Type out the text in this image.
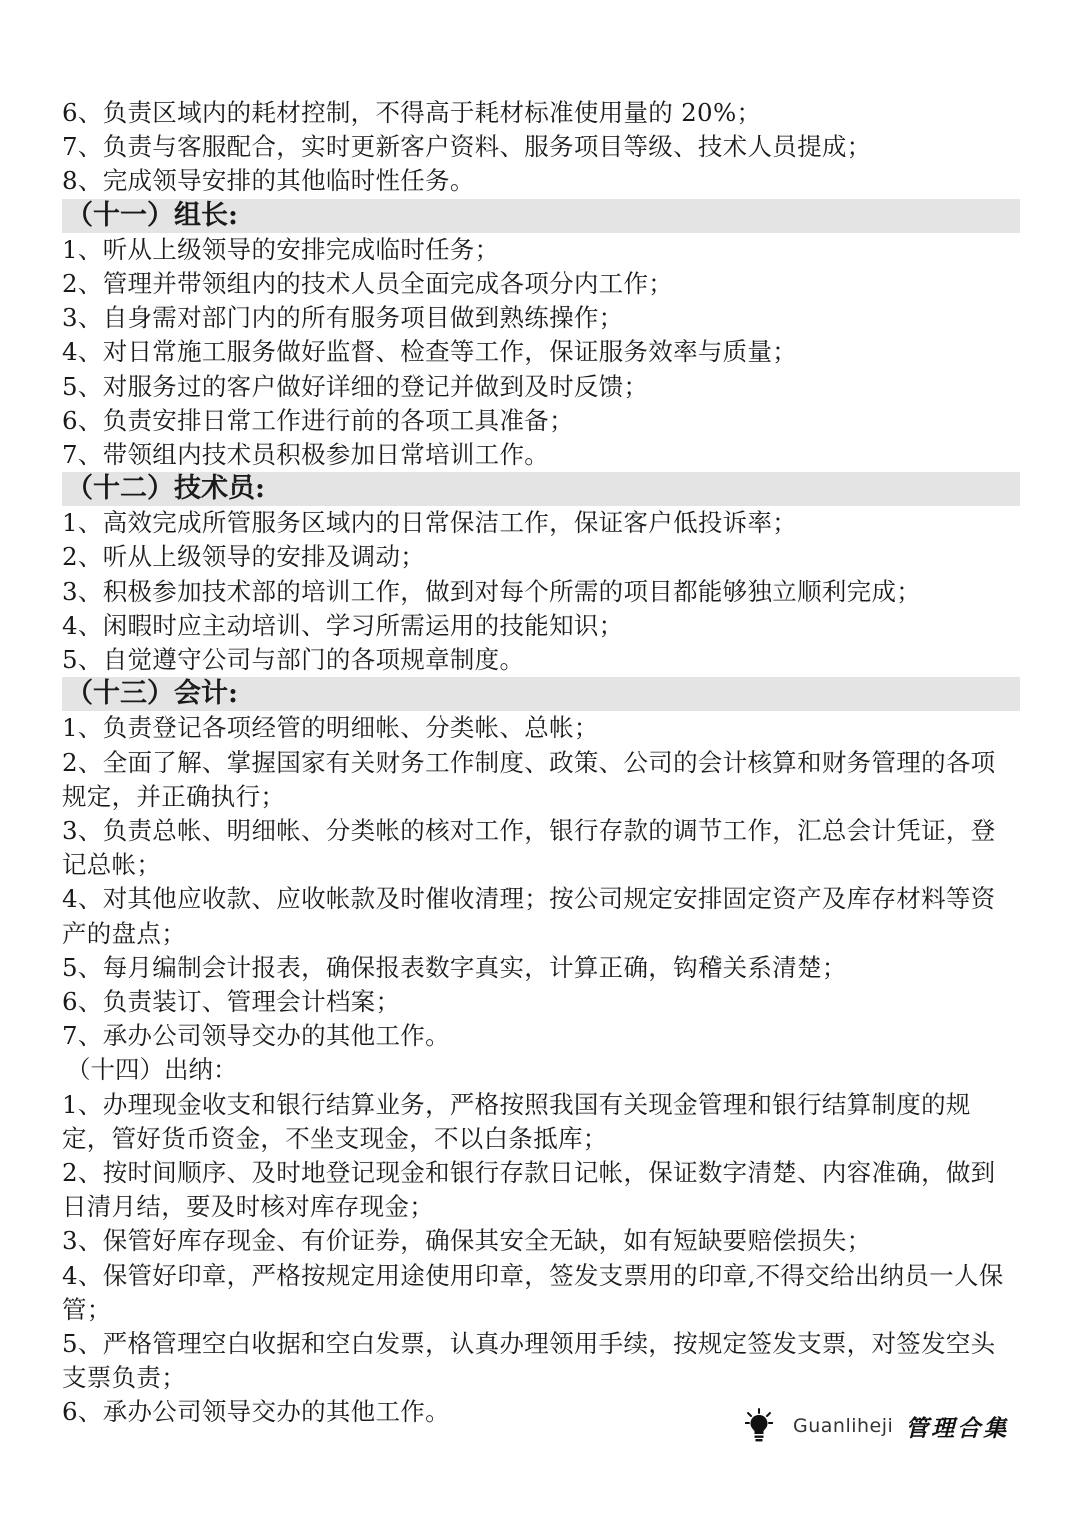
6、负责区域内的耗材控制，不得高于耗材标准使用量的 20%；
7、负责与客服配合，实时更新客户资料、服务项目等级、技术人员提成；
8、完成领导安排的其他临时性任务。
（十一）组长:
1、听从上级领导的安排完成临时任务；
2、管理并带领组内的技术人员全面完成各项分内工作；
3、自身需对部门内的所有服务项目做到熟练操作；
4、对日常施工服务做好监督、检查等工作，保证服务效率与质量；
5、对服务过的客户做好详细的登记并做到及时反馈；
6、负责安排日常工作进行前的各项工具准备；
7、带领组内技术员积极参加日常培训工作。
（十二）技术员:
1、高效完成所管服务区域内的日常保洁工作，保证客户低投诉率；
2、听从上级领导的安排及调动；
3、积极参加技术部的培训工作，做到对每个所需的项目都能够独立顺利完成；
4、闲暇时应主动培训、学习所需运用的技能知识；
5、自觉遵守公司与部门的各项规章制度。
（十三）会计:
1、负责登记各项经管的明细帐、分类帐、总帐；
2、全面了解、掌握国家有关财务工作制度、政策、公司的会计核算和财务管理的各项规定，并正确执行；
3、负责总帐、明细帐、分类帐的核对工作，银行存款的调节工作，汇总会计凭证，登记总帐；
4、对其他应收款、应收帐款及时催收清理；按公司规定安排固定资产及库存材料等资产的盘点；
5、每月编制会计报表，确保报表数字真实，计算正确，钩稽关系清楚；
6、负责装订、管理会计档案；
7、承办公司领导交办的其他工作。
（十四）出纳：
1、办理现金收支和银行结算业务，严格按照我国有关现金管理和银行结算制度的规定，管好货币资金，不坐支现金，不以白条抵库；
2、按时间顺序、及时地登记现金和银行存款日记帐，保证数字清楚、内容准确，做到日清月结，要及时核对库存现金；
3、保管好库存现金、有价证券，确保其安全无缺，如有短缺要赔偿损失；
4、保管好印章，严格按规定用途使用印章，签发支票用的印章,不得交给出纳员一人保管；
5、严格管理空白收据和空白发票，认真办理领用手续，按规定签发支票，对签发空头支票负责；
6、承办公司领导交办的其他工作。	Guanliheji 管理合集
